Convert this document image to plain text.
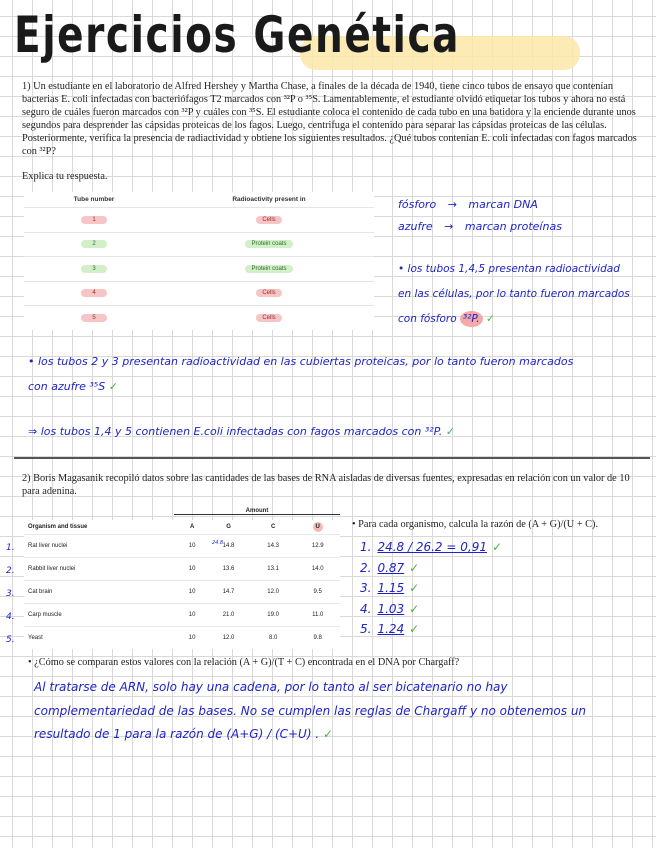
Ejercicios Genética
1) Un estudiante en el laboratorio de Alfred Hershey y Martha Chase, a finales de la década de 1940, tiene cinco tubos de ensayo que contenían bacterias E. coli infectadas con bacteriófagos T2 marcados con ³²P o ³⁵S. Lamentablemente, el estudiante olvidó etiquetar los tubos y ahora no está seguro de cuáles fueron marcados con ³²P y cuáles con ³⁵S. El estudiante coloca el contenido de cada tubo en una batidora y la enciende durante unos segundos para desprender las cápsidas proteicas de los fagos. Luego, centrifuga el contenido para separar las cápsidas proteicas de las células. Posteriormente, verifica la presencia de radiactividad y obtiene los siguientes resultados. ¿Qué tubos contenían E. coli infectadas con fagos marcados con ³²P?
Explica tu respuesta.
Tube number	Radioactivity present in
1	Cells
2	Protein coats
3	Protein coats
4	Cells
5	Cells
fósforo → marcan DNA
azufre → marcan proteínas
• los tubos 1,4,5 presentan radioactividad
en las células, por lo tanto fueron marcados
con fósforo ³²P. ✓
• los tubos 2 y 3 presentan radioactividad en las cubiertas proteicas, por lo tanto fueron marcados
con azufre ³⁵S ✓
⇒ los tubos 1,4 y 5 contienen E.coli infectadas con fagos marcados con ³²P. ✓
2) Boris Magasanik recopiló datos sobre las cantidades de las bases de RNA aisladas de diversas fuentes, expresadas en relación con un valor de 10 para adenina.
Amount
Organism and tissue	A	G	C	U

1. Rat liver nuclei	10	14.8	14.3	12.9

2. Rabbit liver nuclei	10	13.6	13.1	14.0

3. Cat brain	10	14.7	12.0	9.5

4. Carp muscle	10	21.0	19.0	11.0

5. Yeast	10	12.0	8.0	9.8
24.8
• Para cada organismo, calcula la razón de (A + G)/(U + C).
1. 24.8 / 26.2 = 0,91 ✓
2. 0.87 ✓
3. 1.15 ✓
4. 1.03 ✓
5. 1.24 ✓
• ¿Cómo se comparan estos valores con la relación (A + G)/(T + C) encontrada en el DNA por Chargaff?
Al tratarse de ARN, solo hay una cadena, por lo tanto al ser bicatenario no hay
complementariedad de las bases. No se cumplen las reglas de Chargaff y no obtenemos un
resultado de 1 para la razón de (A+G) / (C+U) . ✓
